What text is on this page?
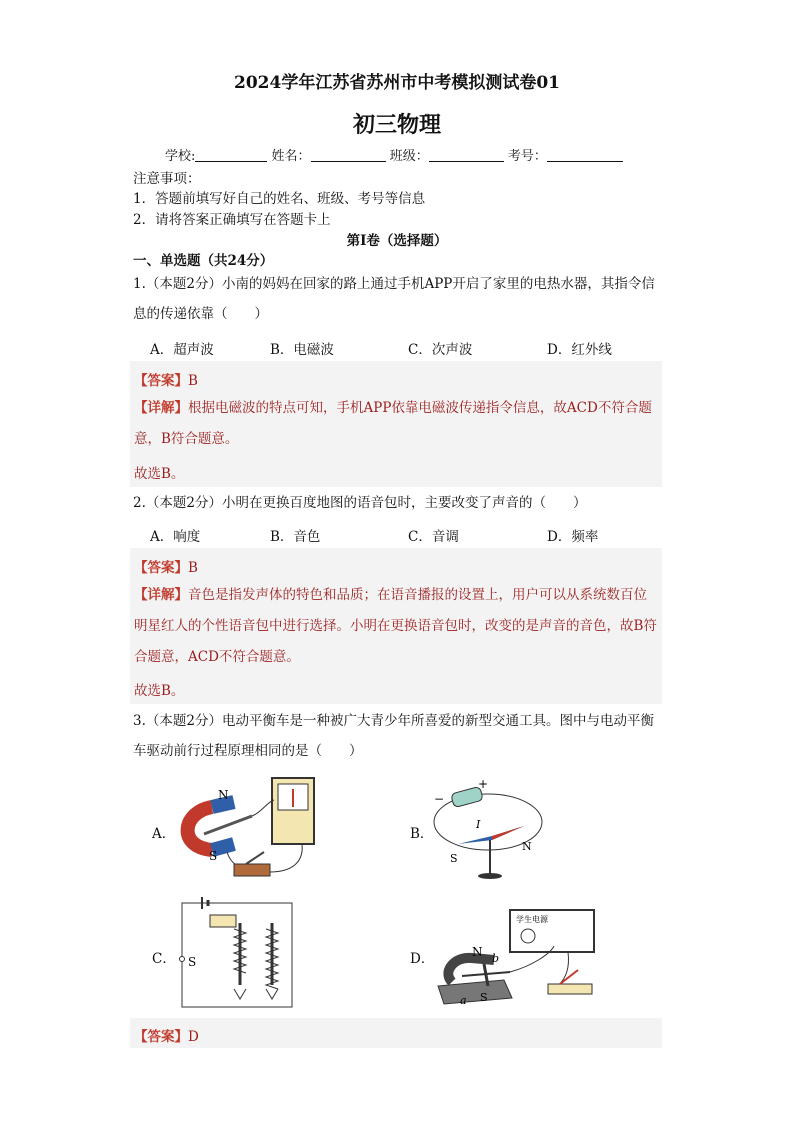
2024学年江苏省苏州市中考模拟测试卷01
初三物理
学校:	姓名：	班级：	考号：
注意事项：
1．答题前填写好自己的姓名、班级、考号等信息
2．请将答案正确填写在答题卡上
第I卷（选择题）
一、单选题（共24分）
1.（本题2分）小南的妈妈在回家的路上通过手机APP开启了家里的电热水器，其指令信息的传递依靠（　　）
A．超声波	B．电磁波	C．次声波	D．红外线
【答案】B
【详解】根据电磁波的特点可知，手机APP依靠电磁波传递指令信息，故ACD不符合题意，B符合题意。
故选B。
2.（本题2分）小明在更换百度地图的语音包时，主要改变了声音的（　　）
A．响度	B．音色	C．音调	D．频率
【答案】B
【详解】音色是指发声体的特色和品质；在语音播报的设置上，用户可以从系统数百位明星红人的个性语音包中进行选择。小明在更换语音包时，改变的是声音的音色，故B符合题意，ACD不符合题意。
故选B。
3.（本题2分）电动平衡车是一种被广大青少年所喜爱的新型交通工具。图中与电动平衡车驱动前行过程原理相同的是（　　）
A．
N
S
B．
+
−
I
N
S
C． S	D．
学生电源
N b
a S
【答案】D
